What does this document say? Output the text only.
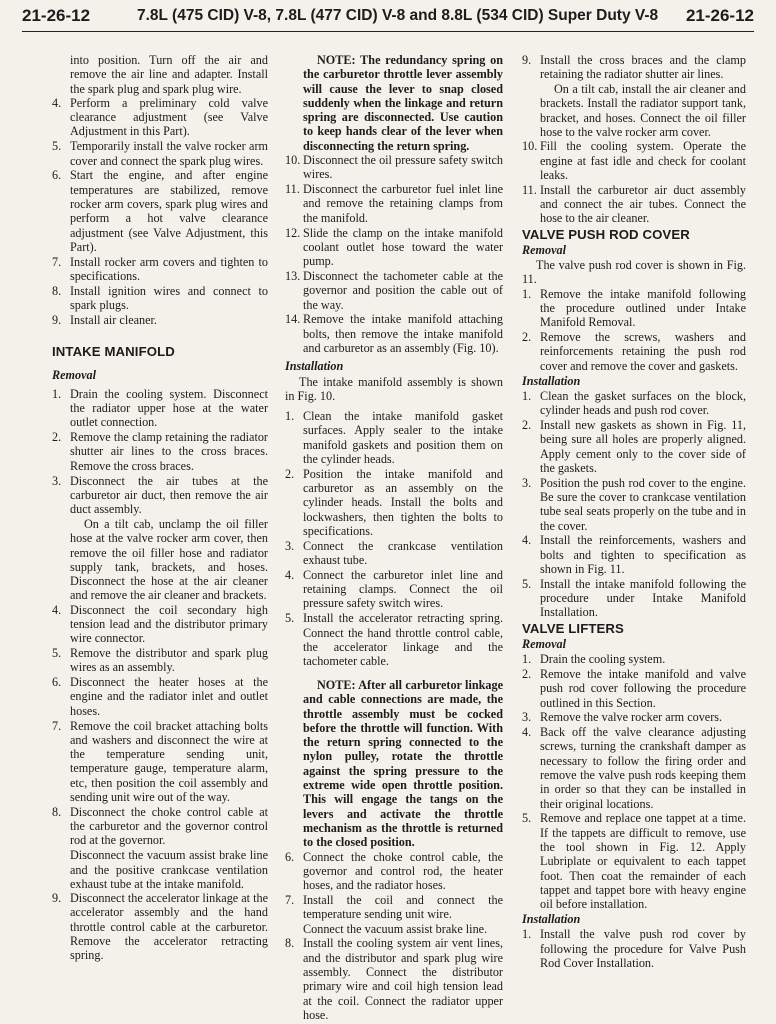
21-26-12	7.8L (475 CID) V-8, 7.8L (477 CID) V-8 and 8.8L (534 CID) Super Duty V-8 21-26-12

into position. Turn off the air and remove the air line and adapter. Install the spark plug and spark plug wire.

4. Perform a preliminary cold valve clearance adjustment (see Valve Adjustment in this Part).
5. Temporarily install the valve rocker arm cover and connect the spark plug wires.
6. Start the engine, and after engine temperatures are stabilized, remove rocker arm covers, spark plug wires and perform a hot valve clearance adjustment (see Valve Adjustment, this Part).
7. Install rocker arm covers and tighten to specifications.
8. Install ignition wires and connect to spark plugs.
9. Install air cleaner.
INTAKE MANIFOLD
Removal
1. Drain the cooling system. Disconnect the radiator upper hose at the water outlet connection.
2. Remove the clamp retaining the radiator shutter air lines to the cross braces. Remove the cross braces.
3. Disconnect the air tubes at the carburetor air duct, then remove the air duct assembly.

On a tilt cab, unclamp the oil filler hose at the valve rocker arm cover, then remove the oil filler hose and radiator supply tank, brackets, and hoses. Disconnect the hose at the air cleaner and remove the air cleaner and brackets.

4. Disconnect the coil secondary high tension lead and the distributor primary wire connector.
5. Remove the distributor and spark plug wires as an assembly.
6. Disconnect the heater hoses at the engine and the radiator inlet and outlet hoses.
7. Remove the coil bracket attaching bolts and washers and disconnect the wire at the temperature sending unit, temperature gauge, temperature alarm, etc, then position the coil assembly and sending unit wire out of the way.
8. Disconnect the choke control cable at the carburetor and the governor control rod at the governor.

Disconnect the vacuum assist brake line and the positive crankcase ventilation exhaust tube at the intake manifold.

9. Disconnect the accelerator linkage at the accelerator assembly and the hand throttle control cable at the carburetor. Remove the accelerator retracting spring.

NOTE: The redundancy spring on the carburetor throttle lever assembly will cause the lever to snap closed suddenly when the linkage and return spring are disconnected. Use caution to keep hands clear of the lever when disconnecting the return spring.

10. Disconnect the oil pressure safety switch wires.
11. Disconnect the carburetor fuel inlet line and remove the retaining clamps from the manifold.
12. Slide the clamp on the intake manifold coolant outlet hose toward the water pump.
13. Disconnect the tachometer cable at the governor and position the cable out of the way.
14. Remove the intake manifold attaching bolts, then remove the intake manifold and carburetor as an assembly (Fig. 10).
Installation

The intake manifold assembly is shown in Fig. 10.

1. Clean the intake manifold gasket surfaces. Apply sealer to the intake manifold gaskets and position them on the cylinder heads.
2. Position the intake manifold and carburetor as an assembly on the cylinder heads. Install the bolts and lockwashers, then tighten the bolts to specifications.
3. Connect the crankcase ventilation exhaust tube.
4. Connect the carburetor inlet line and retaining clamps. Connect the oil pressure safety switch wires.
5. Install the accelerator retracting spring. Connect the hand throttle control cable, the accelerator linkage and the tachometer cable.

NOTE: After all carburetor linkage and cable connections are made, the throttle assembly must be cocked before the throttle will function. With the return spring connected to the nylon pulley, rotate the throttle against the spring pressure to the extreme wide open throttle position. This will engage the tangs on the levers and activate the throttle mechanism as the throttle is returned to the closed position.

6. Connect the choke control cable, the governor and control rod, the heater hoses, and the radiator hoses.
7. Install the coil and connect the temperature sending unit wire.

Connect the vacuum assist brake line.

8. Install the cooling system air vent lines, and the distributor and spark plug wire assembly. Connect the distributor primary wire and coil high tension lead at the coil. Connect the radiator upper hose.
9. Install the cross braces and the clamp retaining the radiator shutter air lines.

On a tilt cab, install the air cleaner and brackets. Install the radiator support tank, bracket, and hoses. Connect the oil filler hose to the valve rocker arm cover.

10. Fill the cooling system. Operate the engine at fast idle and check for coolant leaks.
11. Install the carburetor air duct assembly and connect the air tubes. Connect the hose to the air cleaner.
VALVE PUSH ROD COVER
Removal

The valve push rod cover is shown in Fig. 11.

1. Remove the intake manifold following the procedure outlined under Intake Manifold Removal.
2. Remove the screws, washers and reinforcements retaining the push rod cover and remove the cover and gaskets.
Installation
1. Clean the gasket surfaces on the block, cylinder heads and push rod cover.
2. Install new gaskets as shown in Fig. 11, being sure all holes are properly aligned. Apply cement only to the cover side of the gaskets.
3. Position the push rod cover to the engine. Be sure the cover to crankcase ventilation tube seal seats properly on the tube and in the cover.
4. Install the reinforcements, washers and bolts and tighten to specification as shown in Fig. 11.
5. Install the intake manifold following the procedure under Intake Manifold Installation.
VALVE LIFTERS
Removal
1. Drain the cooling system.
2. Remove the intake manifold and valve push rod cover following the procedure outlined in this Section.
3. Remove the valve rocker arm covers.
4. Back off the valve clearance adjusting screws, turning the crankshaft damper as necessary to follow the firing order and remove the valve push rods keeping them in order so that they can be installed in their original locations.
5. Remove and replace one tappet at a time. If the tappets are difficult to remove, use the tool shown in Fig. 12. Apply Lubriplate or equivalent to each tappet foot. Then coat the remainder of each tappet and tappet bore with heavy engine oil before installation.
Installation
1. Install the valve push rod cover by following the procedure for Valve Push Rod Cover Installation.
